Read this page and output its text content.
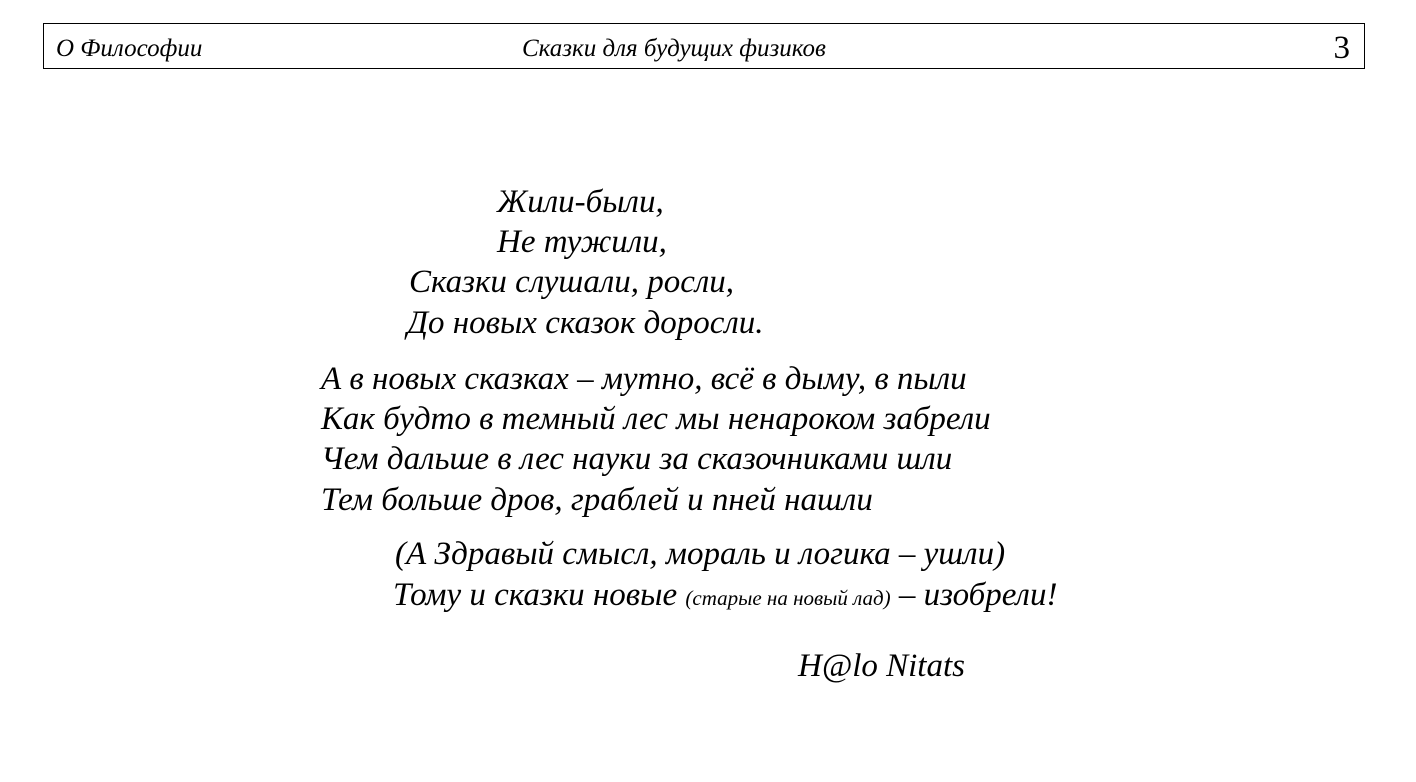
О Философии	Сказки для будущих физиков	3
Жили-были,
Не тужили,
Сказки слушали, росли,
До новых сказок доросли.
А в новых сказках – мутно, всё в дыму, в пыли
Как будто в темный лес мы ненароком забрели
Чем дальше в лес науки за сказочниками шли
Тем больше дров, граблей и пней нашли
(А Здравый смысл, мораль и логика – ушли)
Тому и сказки новые (старые на новый лад) – изобрели!
H@lo Nitats
